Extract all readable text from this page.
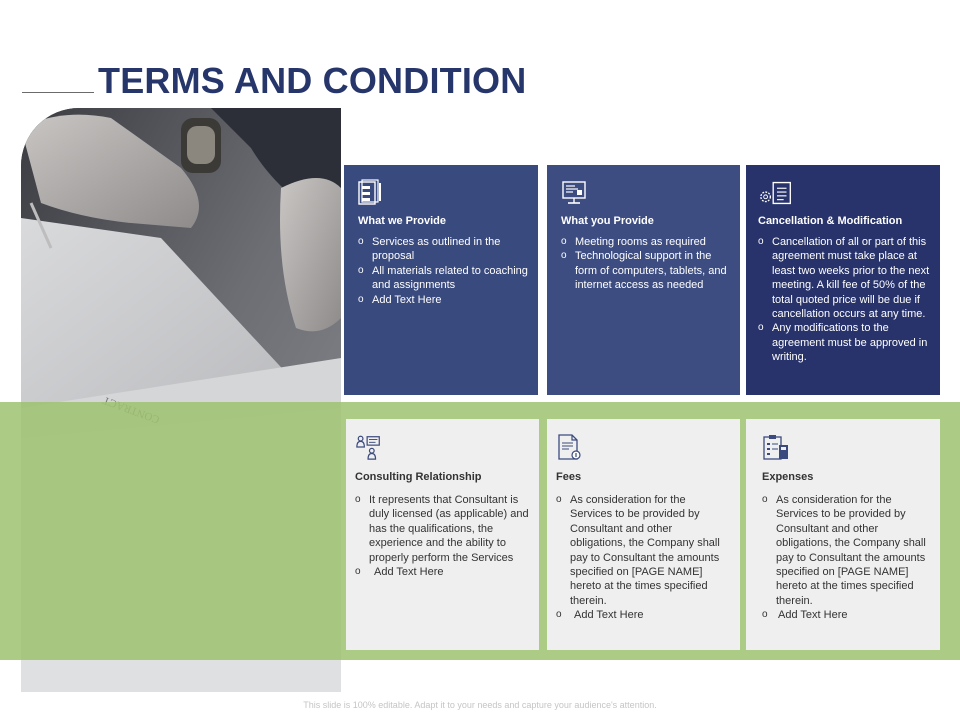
TERMS AND CONDITION
What we Provide
o Services as outlined in the proposal
o All materials related to coaching and assignments
o Add Text Here
What you Provide
o Meeting rooms as required
o Technological support in the form of computers, tablets, and internet access as needed
Cancellation & Modification
o Cancellation of all or part of this agreement must take place at least two weeks prior to the next meeting. A kill fee of 50% of the total quoted price will be due if cancellation occurs at any time.
o Any modifications to the agreement must be approved in writing.
Consulting Relationship
o It represents that Consultant is duly licensed (as applicable) and has the qualifications, the experience and the ability to properly perform the Services
o Add Text Here
Fees
o As consideration for the Services to be provided by Consultant and other obligations, the Company shall pay to Consultant the amounts specified on [PAGE NAME] hereto at the times specified therein.
o Add Text Here
Expenses
o As consideration for the Services to be provided by Consultant and other obligations, the Company shall pay to Consultant the amounts specified on [PAGE NAME] hereto at the times specified therein.
o Add Text Here
This slide is 100% editable. Adapt it to your needs and capture your audience's attention.
